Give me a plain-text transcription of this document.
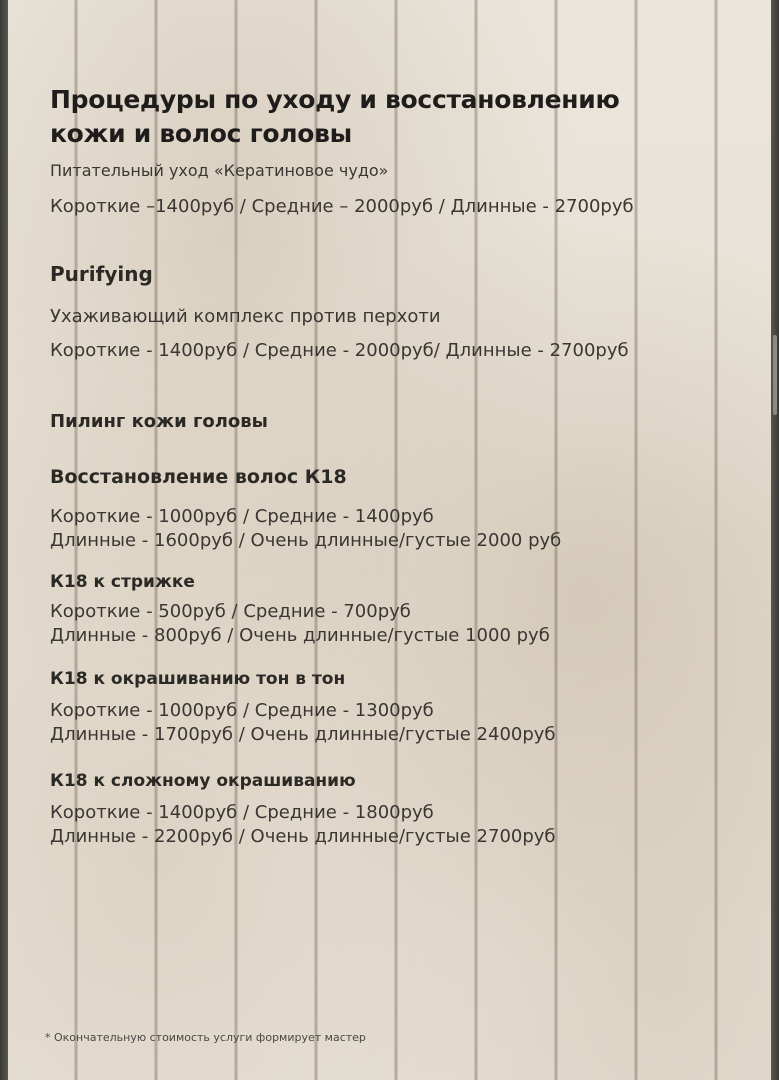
Процедуры по уходу и восстановлению
кожи и волос головы

Питательный уход «Кератиновое чудо»

Короткие –1400руб / Средние – 2000руб / Длинные - 2700руб

Purifying

Ухаживающий комплекс против перхоти

Короткие - 1400руб / Средние - 2000руб/ Длинные - 2700руб

Пилинг кожи головы

Восстановление волос К18

Короткие - 1000руб / Средние - 1400руб

Длинные - 1600руб / Очень длинные/густые 2000 руб

К18 к стрижке

Короткие - 500руб / Средние - 700руб

Длинные - 800руб / Очень длинные/густые 1000 руб

К18 к окрашиванию тон в тон

Короткие - 1000руб / Средние - 1300руб

Длинные - 1700руб / Очень длинные/густые 2400руб

К18 к сложному окрашиванию

Короткие - 1400руб / Средние - 1800руб

Длинные - 2200руб / Очень длинные/густые 2700руб

* Окончательную стоимость услуги формирует мастер
